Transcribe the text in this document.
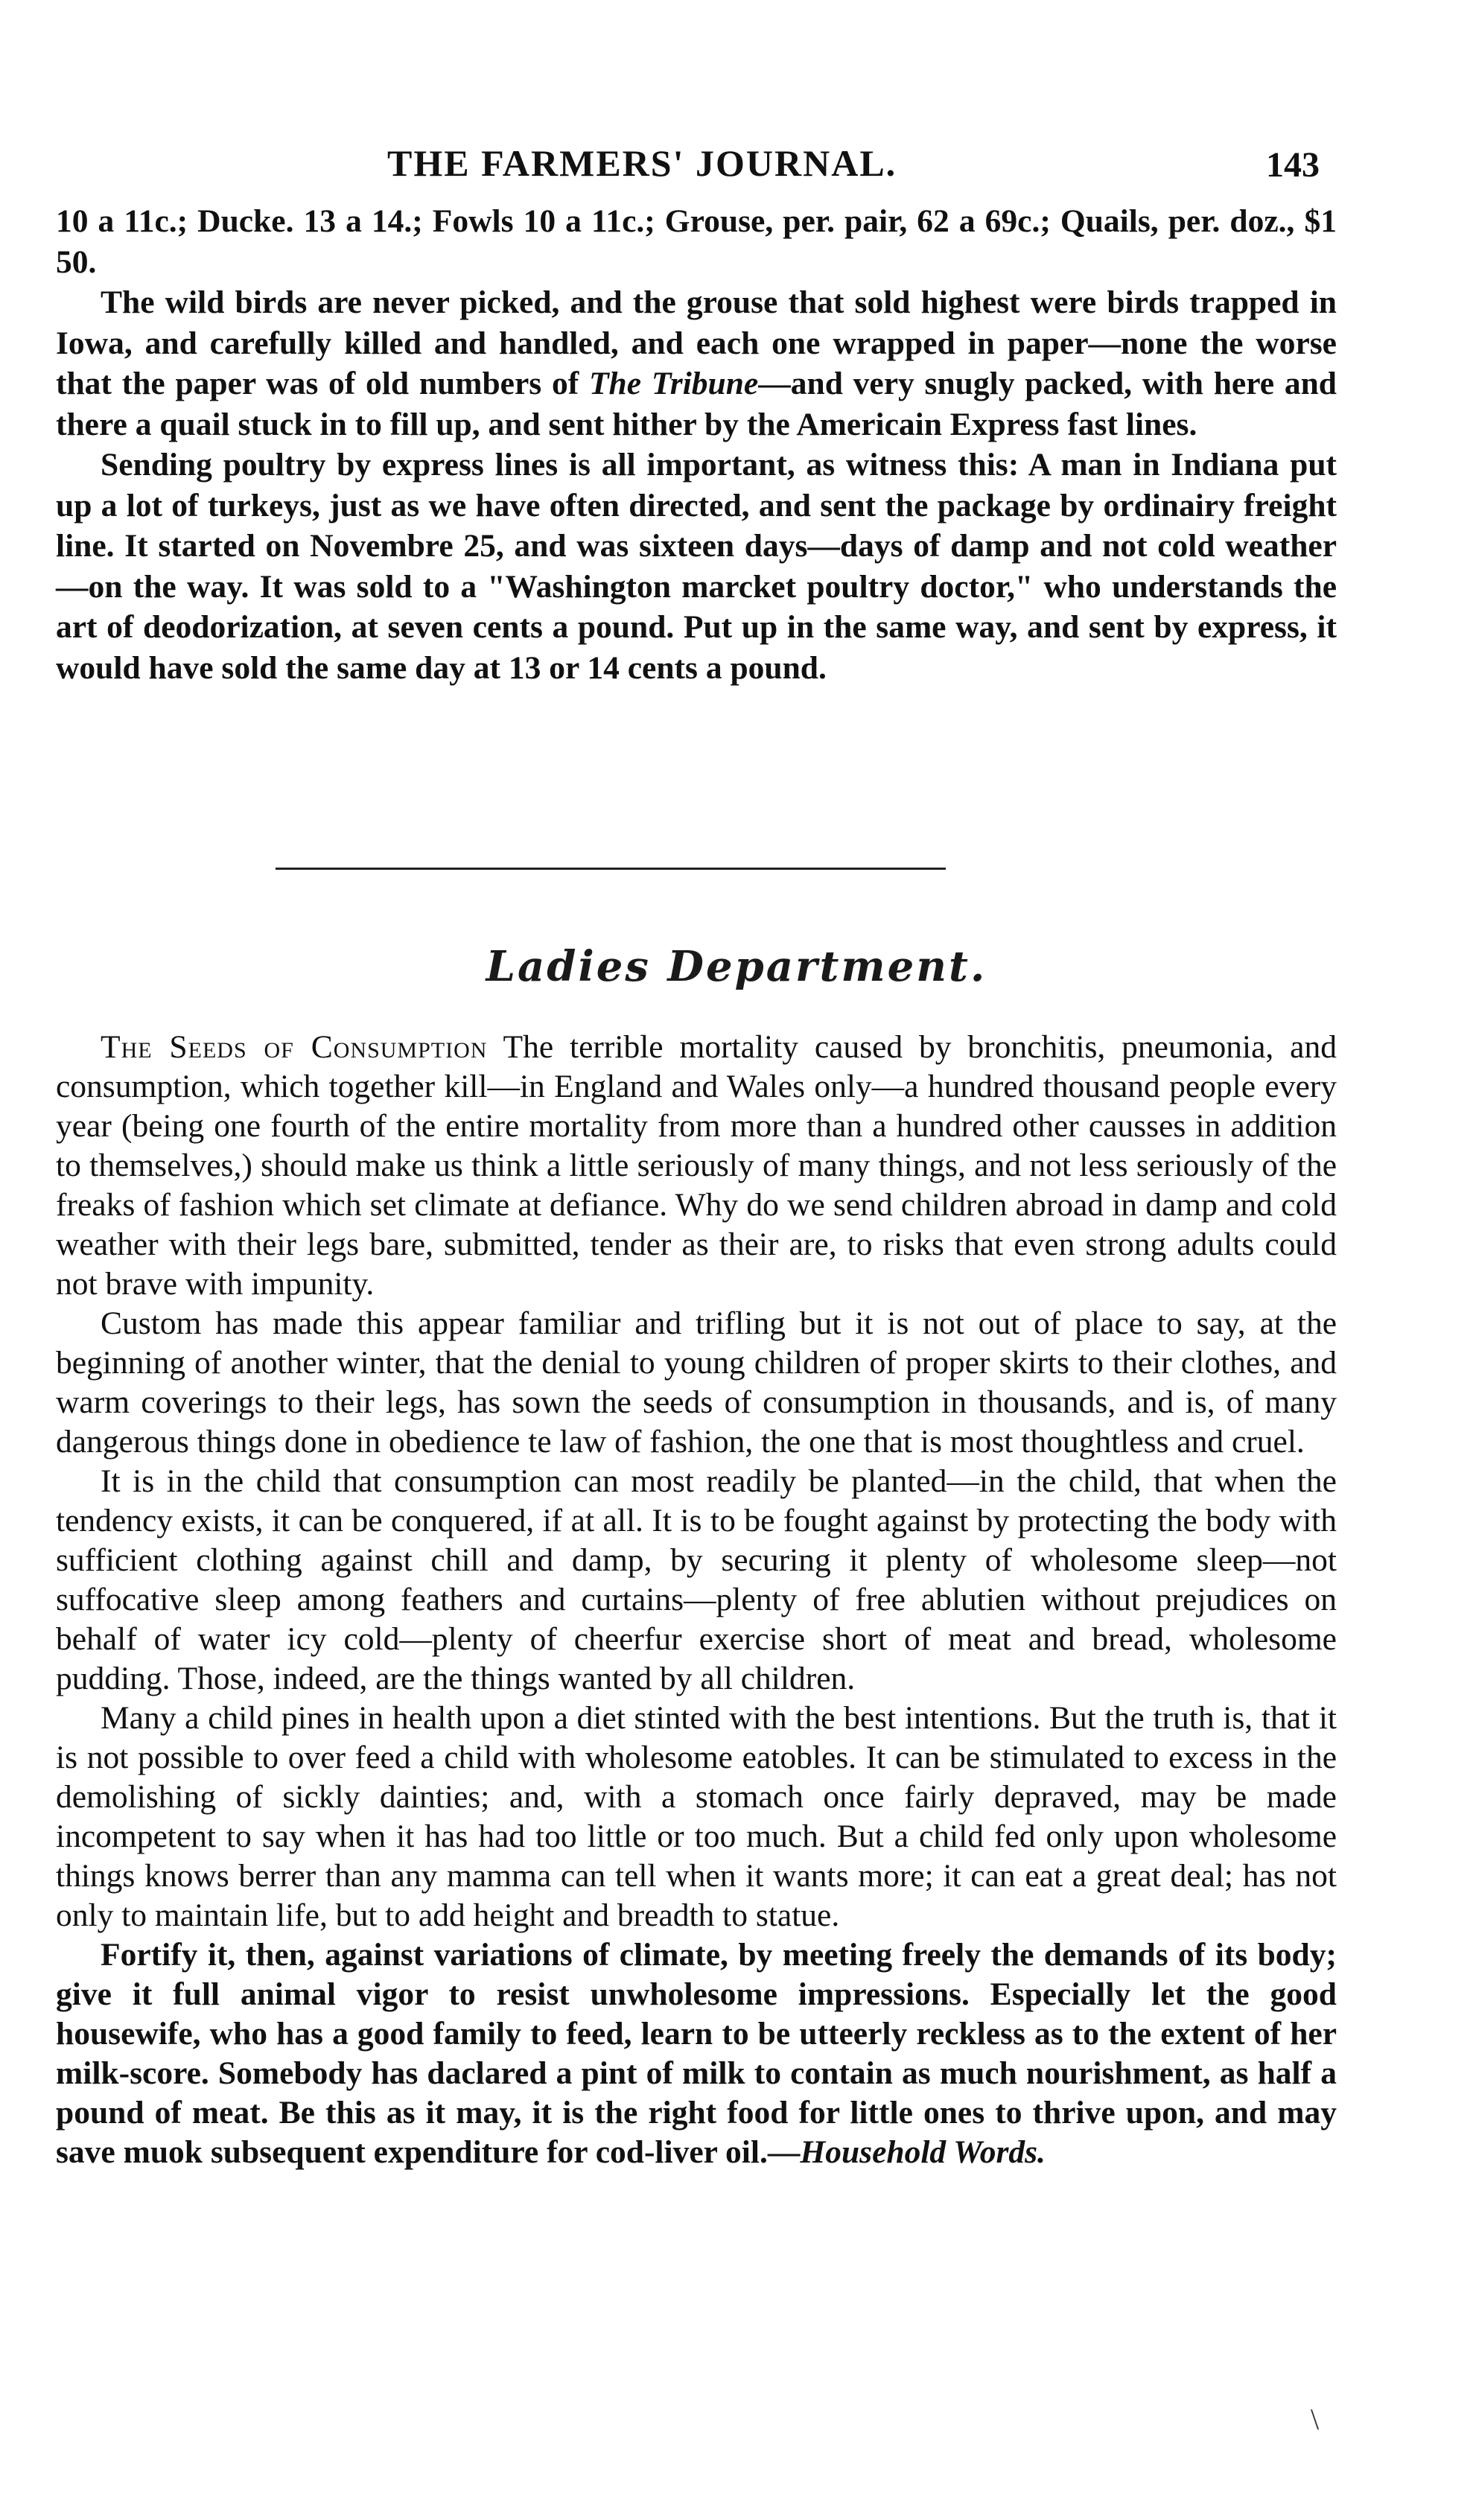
THE FARMERS' JOURNAL.	143

10 a 11c.; Ducke. 13 a 14.; Fowls 10 a 11c.; Grouse, per. pair, 62 a 69c.; Quails, per. doz., $1 50.

The wild birds are never picked, and the grouse that sold highest were birds trapped in Iowa, and carefully killed and handled, and each one wrapped in paper—none the worse that the paper was of old numbers of The Tribune—and very snugly packed, with here and there a quail stuck in to fill up, and sent hither by the Americain Express fast lines.

Sending poultry by express lines is all important, as witness this: A man in Indiana put up a lot of turkeys, just as we have often directed, and sent the package by ordinairy freight line. It started on Novembre 25, and was sixteen days—days of damp and not cold weather—on the way. It was sold to a "Washington marcket poultry doctor," who understands the art of deodorization, at seven cents a pound. Put up in the same way, and sent by express, it would have sold the same day at 13 or 14 cents a pound.

Ladies Department.

The Seeds of Consumption The terrible mortality caused by bronchitis, pneumonia, and consumption, which together kill—in England and Wales only—a hundred thousand people every year (being one fourth of the entire mortality from more than a hundred other causses in addition to themselves,) should make us think a little seriously of many things, and not less seriously of the freaks of fashion which set climate at defiance. Why do we send children abroad in damp and cold weather with their legs bare, submitted, tender as their are, to risks that even strong adults could not brave with impunity.

Custom has made this appear familiar and trifling but it is not out of place to say, at the beginning of another winter, that the denial to young children of proper skirts to their clothes, and warm coverings to their legs, has sown the seeds of consumption in thousands, and is, of many dangerous things done in obedience te law of fashion, the one that is most thoughtless and cruel.

It is in the child that consumption can most readily be planted—in the child, that when the tendency exists, it can be conquered, if at all. It is to be fought against by protecting the body with sufficient clothing against chill and damp, by securing it plenty of wholesome sleep—not suffocative sleep among feathers and curtains—plenty of free ablutien without prejudices on behalf of water icy cold—plenty of cheerfur exercise short of meat and bread, wholesome pudding. Those, indeed, are the things wanted by all children.

Many a child pines in health upon a diet stinted with the best intentions. But the truth is, that it is not possible to over feed a child with wholesome eatobles. It can be stimulated to excess in the demolishing of sickly dainties; and, with a stomach once fairly depraved, may be made incompetent to say when it has had too little or too much. But a child fed only upon wholesome things knows berrer than any mamma can tell when it wants more; it can eat a great deal; has not only to maintain life, but to add height and breadth to statue.

Fortify it, then, against variations of climate, by meeting freely the demands of its body; give it full animal vigor to resist unwholesome impressions. Especially let the good housewife, who has a good family to feed, learn to be utteerly reckless as to the extent of her milk-score. Somebody has daclared a pint of milk to contain as much nourishment, as half a pound of meat. Be this as it may, it is the right food for little ones to thrive upon, and may save muok subsequent expenditure for cod-liver oil.—Household Words.

\
